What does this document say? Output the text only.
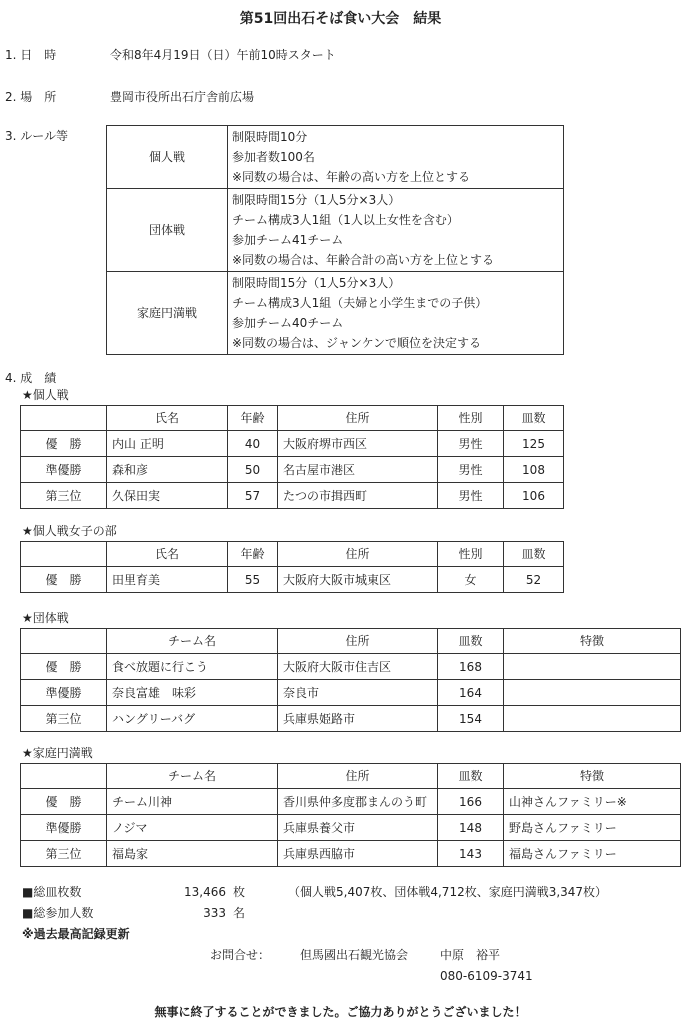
第51回出石そば食い大会　結果
1. 日　時	令和8年4月19日（日）午前10時スタート
2. 場　所	豊岡市役所出石庁舎前広場
3. ルール等
個人戦	制限時間10分
参加者数100名
※同数の場合は、年齢の高い方を上位とする

団体戦	制限時間15分（1人5分×3人）
チーム構成3人1組（1人以上女性を含む）
参加チーム41チーム
※同数の場合は、年齢合計の高い方を上位とする

家庭円満戦	制限時間15分（1人5分×3人）
チーム構成3人1組（夫婦と小学生までの子供）
参加チーム40チーム
※同数の場合は、ジャンケンで順位を決定する
4. 成　績
★個人戦
	氏名	年齢	住所	性別	皿数
優　勝	内山 正明	40	大阪府堺市西区	男性	125
準優勝	森和彦	50	名古屋市港区	男性	108
第三位	久保田実	57	たつの市揖西町	男性	106
★個人戦女子の部
	氏名	年齢	住所	性別	皿数
優　勝	田里育美	55	大阪府大阪市城東区	女	52
★団体戦
	チーム名	住所	皿数	特徴
優　勝	食べ放題に行こう	大阪府大阪市住吉区	168	
準優勝	奈良富雄　味彩	奈良市	164	
第三位	ハングリーバグ	兵庫県姫路市	154	
★家庭円満戦
	チーム名	住所	皿数	特徴
優　勝	チーム川神	香川県仲多度郡まんのう町	166	山神さんファミリー※
準優勝	ノジマ	兵庫県養父市	148	野島さんファミリー
第三位	福島家	兵庫県西脇市	143	福島さんファミリー
■総皿枚数	13,466 枚	（個人戦5,407枚、団体戦4,712枚、家庭円満戦3,347枚）
■総参加人数	333 名
※過去最高記録更新
お問合せ： 但馬國出石観光協会	中原　裕平
080-6109-3741
無事に終了することができました。ご協力ありがとうございました！
